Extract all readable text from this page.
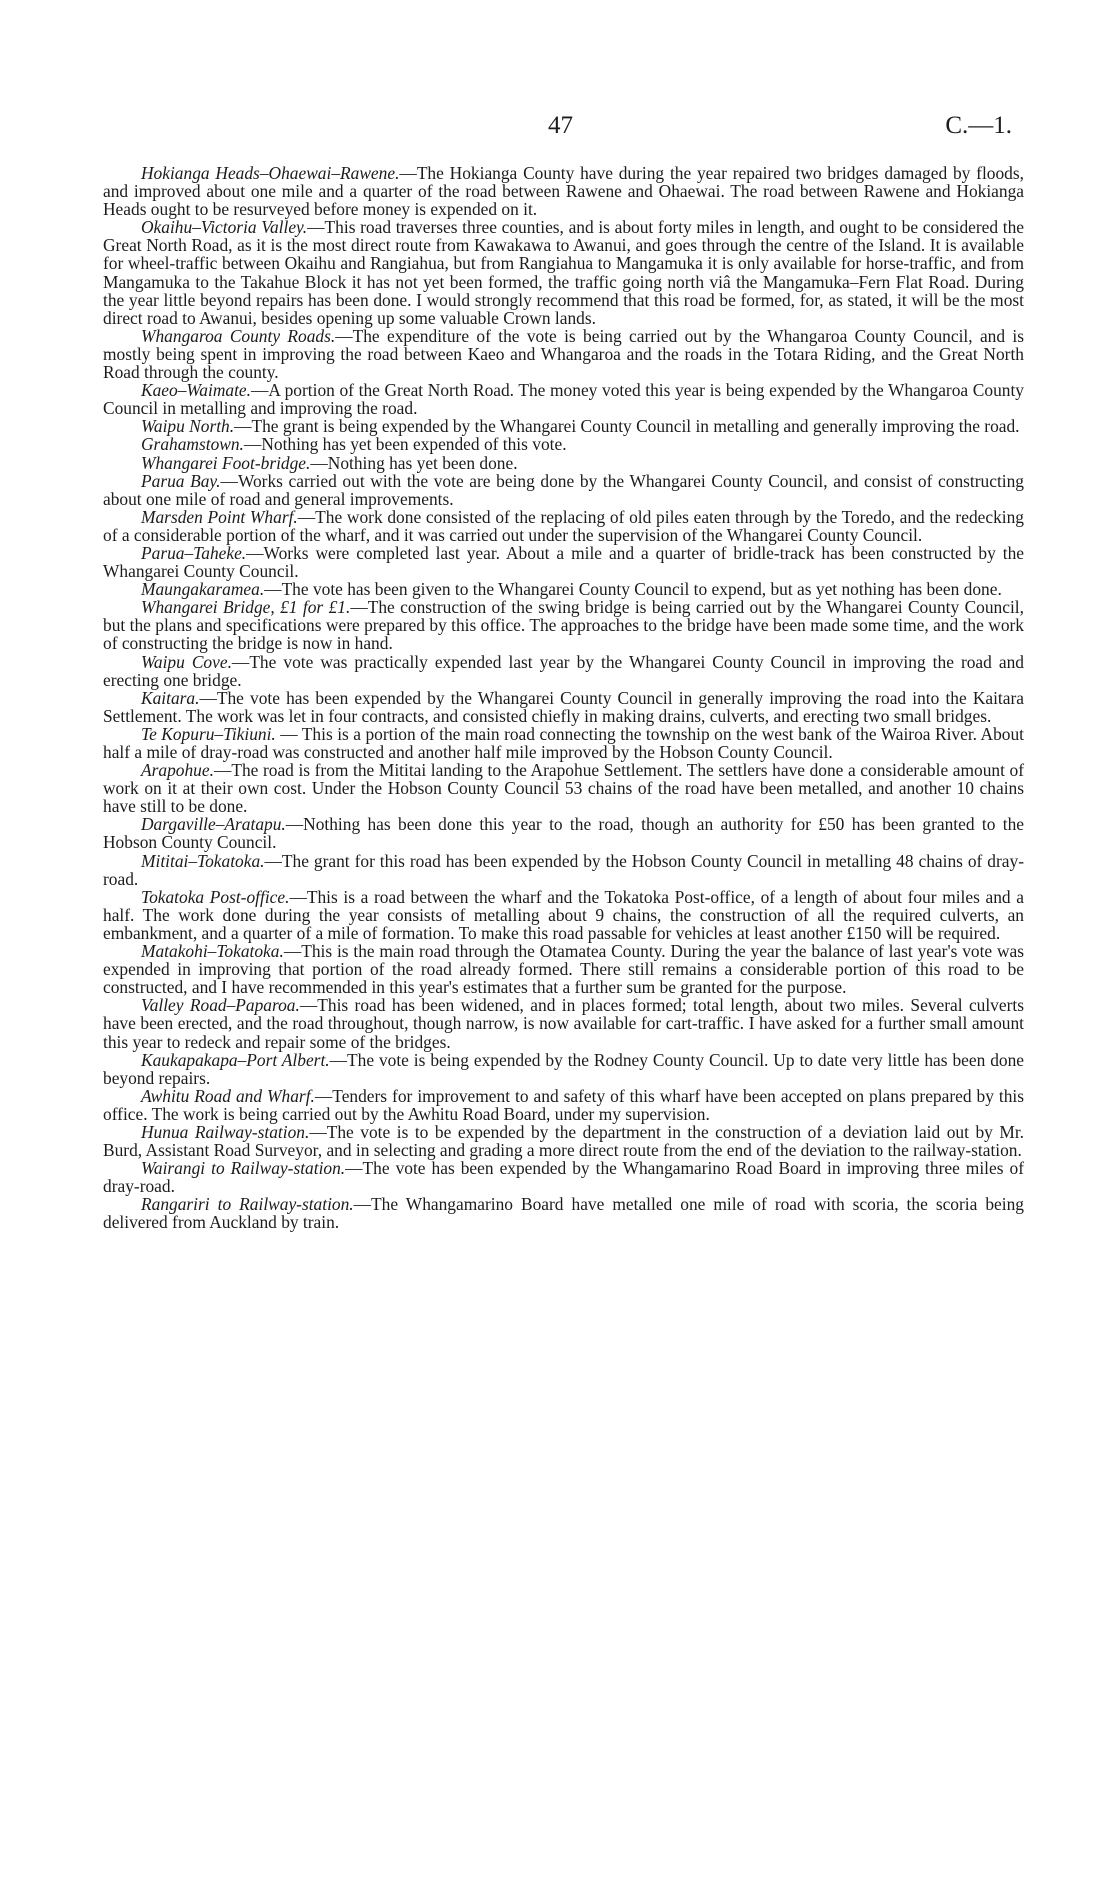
47	C.—1.

Hokianga Heads–Ohaewai–Rawene.—The Hokianga County have during the year repaired two bridges damaged by floods, and improved about one mile and a quarter of the road between Rawene and Ohaewai. The road between Rawene and Hokianga Heads ought to be resurveyed before money is expended on it.

Okaihu–Victoria Valley.—This road traverses three counties, and is about forty miles in length, and ought to be considered the Great North Road, as it is the most direct route from Kawakawa to Awanui, and goes through the centre of the Island. It is available for wheel-traffic between Okaihu and Rangiahua, but from Rangiahua to Mangamuka it is only available for horse-traffic, and from Mangamuka to the Takahue Block it has not yet been formed, the traffic going north viâ the Mangamuka–Fern Flat Road. During the year little beyond repairs has been done. I would strongly recommend that this road be formed, for, as stated, it will be the most direct road to Awanui, besides opening up some valuable Crown lands.

Whangaroa County Roads.—The expenditure of the vote is being carried out by the Whangaroa County Council, and is mostly being spent in improving the road between Kaeo and Whangaroa and the roads in the Totara Riding, and the Great North Road through the county.

Kaeo–Waimate.—A portion of the Great North Road. The money voted this year is being expended by the Whangaroa County Council in metalling and improving the road.

Waipu North.—The grant is being expended by the Whangarei County Council in metalling and generally improving the road.

Grahamstown.—Nothing has yet been expended of this vote.

Whangarei Foot-bridge.—Nothing has yet been done.

Parua Bay.—Works carried out with the vote are being done by the Whangarei County Council, and consist of constructing about one mile of road and general improvements.

Marsden Point Wharf.—The work done consisted of the replacing of old piles eaten through by the Toredo, and the redecking of a considerable portion of the wharf, and it was carried out under the supervision of the Whangarei County Council.

Parua–Taheke.—Works were completed last year. About a mile and a quarter of bridle-track has been constructed by the Whangarei County Council.

Maungakaramea.—The vote has been given to the Whangarei County Council to expend, but as yet nothing has been done.

Whangarei Bridge, £1 for £1.—The construction of the swing bridge is being carried out by the Whangarei County Council, but the plans and specifications were prepared by this office. The approaches to the bridge have been made some time, and the work of constructing the bridge is now in hand.

Waipu Cove.—The vote was practically expended last year by the Whangarei County Council in improving the road and erecting one bridge.

Kaitara.—The vote has been expended by the Whangarei County Council in generally improving the road into the Kaitara Settlement. The work was let in four contracts, and consisted chiefly in making drains, culverts, and erecting two small bridges.

Te Kopuru–Tikiuni. — This is a portion of the main road connecting the township on the west bank of the Wairoa River. About half a mile of dray-road was constructed and another half mile improved by the Hobson County Council.

Arapohue.—The road is from the Mititai landing to the Arapohue Settlement. The settlers have done a considerable amount of work on it at their own cost. Under the Hobson County Council 53 chains of the road have been metalled, and another 10 chains have still to be done.

Dargaville–Aratapu.—Nothing has been done this year to the road, though an authority for £50 has been granted to the Hobson County Council.

Mititai–Tokatoka.—The grant for this road has been expended by the Hobson County Council in metalling 48 chains of dray-road.

Tokatoka Post-office.—This is a road between the wharf and the Tokatoka Post-office, of a length of about four miles and a half. The work done during the year consists of metalling about 9 chains, the construction of all the required culverts, an embankment, and a quarter of a mile of formation. To make this road passable for vehicles at least another £150 will be required.

Matakohi–Tokatoka.—This is the main road through the Otamatea County. During the year the balance of last year's vote was expended in improving that portion of the road already formed. There still remains a considerable portion of this road to be constructed, and I have recommended in this year's estimates that a further sum be granted for the purpose.

Valley Road–Paparoa.—This road has been widened, and in places formed; total length, about two miles. Several culverts have been erected, and the road throughout, though narrow, is now available for cart-traffic. I have asked for a further small amount this year to redeck and repair some of the bridges.

Kaukapakapa–Port Albert.—The vote is being expended by the Rodney County Council. Up to date very little has been done beyond repairs.

Awhitu Road and Wharf.—Tenders for improvement to and safety of this wharf have been accepted on plans prepared by this office. The work is being carried out by the Awhitu Road Board, under my supervision.

Hunua Railway-station.—The vote is to be expended by the department in the construction of a deviation laid out by Mr. Burd, Assistant Road Surveyor, and in selecting and grading a more direct route from the end of the deviation to the railway-station.

Wairangi to Railway-station.—The vote has been expended by the Whangamarino Road Board in improving three miles of dray-road.

Rangariri to Railway-station.—The Whangamarino Board have metalled one mile of road with scoria, the scoria being delivered from Auckland by train.
